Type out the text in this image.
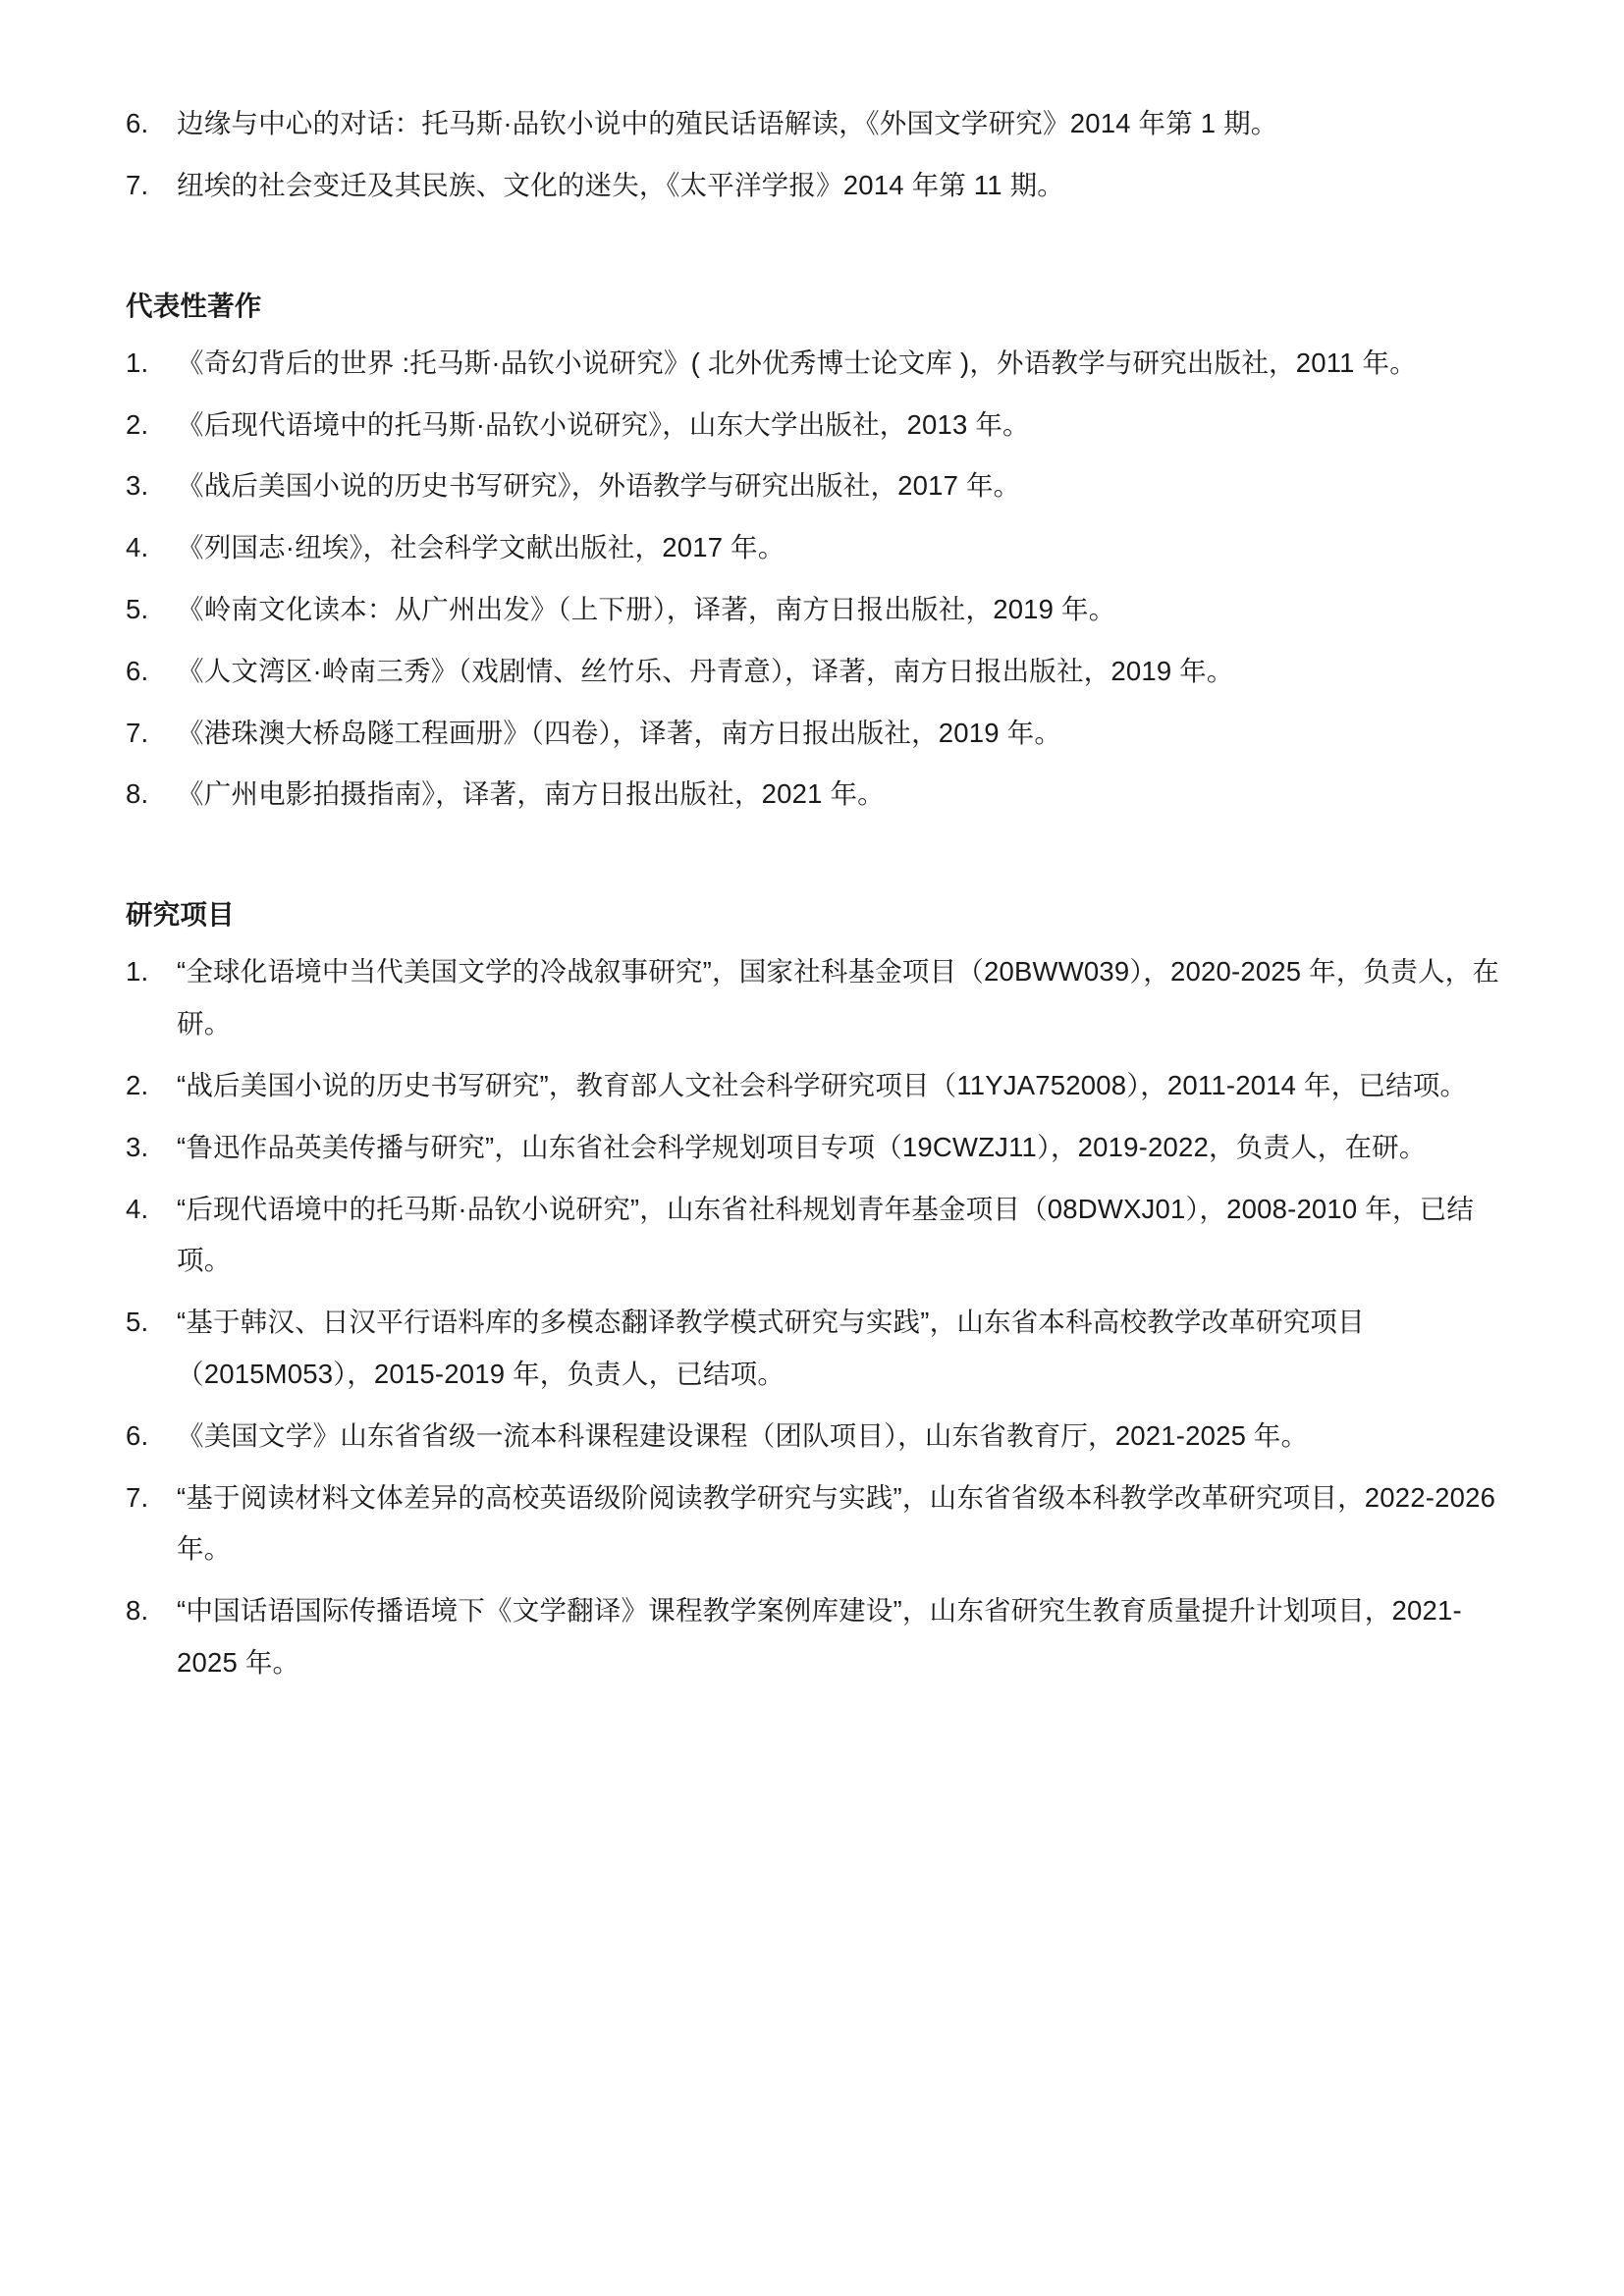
6. 边缘与中心的对话：托马斯·品钦小说中的殖民话语解读，《外国文学研究》2014 年第 1 期。

7. 纽埃的社会变迁及其民族、文化的迷失，《太平洋学报》2014 年第 11 期。

代表性著作

1. 《奇幻背后的世界 :托马斯·品钦小说研究》( 北外优秀博士论文库 )，外语教学与研究出版社，2011 年。

2. 《后现代语境中的托马斯·品钦小说研究》，山东大学出版社，2013 年。

3. 《战后美国小说的历史书写研究》，外语教学与研究出版社，2017 年。

4. 《列国志·纽埃》，社会科学文献出版社，2017 年。

5. 《岭南文化读本：从广州出发》（上下册），译著，南方日报出版社，2019 年。

6. 《人文湾区·岭南三秀》（戏剧情、丝竹乐、丹青意），译著，南方日报出版社，2019 年。

7. 《港珠澳大桥岛隧工程画册》（四卷），译著，南方日报出版社，2019 年。

8. 《广州电影拍摄指南》，译著，南方日报出版社，2021 年。

研究项目

1. “全球化语境中当代美国文学的冷战叙事研究”，国家社科基金项目（20BWW039），2020-2025 年，负责人，在研。

2. “战后美国小说的历史书写研究”，教育部人文社会科学研究项目（11YJA752008），2011-2014 年，已结项。

3. “鲁迅作品英美传播与研究”，山东省社会科学规划项目专项（19CWZJ11），2019-2022，负责人，在研。

4. “后现代语境中的托马斯·品钦小说研究”，山东省社科规划青年基金项目（08DWXJ01），2008-2010 年，已结项。

5. “基于韩汉、日汉平行语料库的多模态翻译教学模式研究与实践”，山东省本科高校教学改革研究项目（2015M053），2015-2019 年，负责人，已结项。

6. 《美国文学》山东省省级一流本科课程建设课程（团队项目），山东省教育厅，2021-2025 年。

7. “基于阅读材料文体差异的高校英语级阶阅读教学研究与实践”，山东省省级本科教学改革研究项目，2022-2026 年。

8. “中国话语国际传播语境下《文学翻译》课程教学案例库建设”，山东省研究生教育质量提升计划项目，2021-2025 年。
